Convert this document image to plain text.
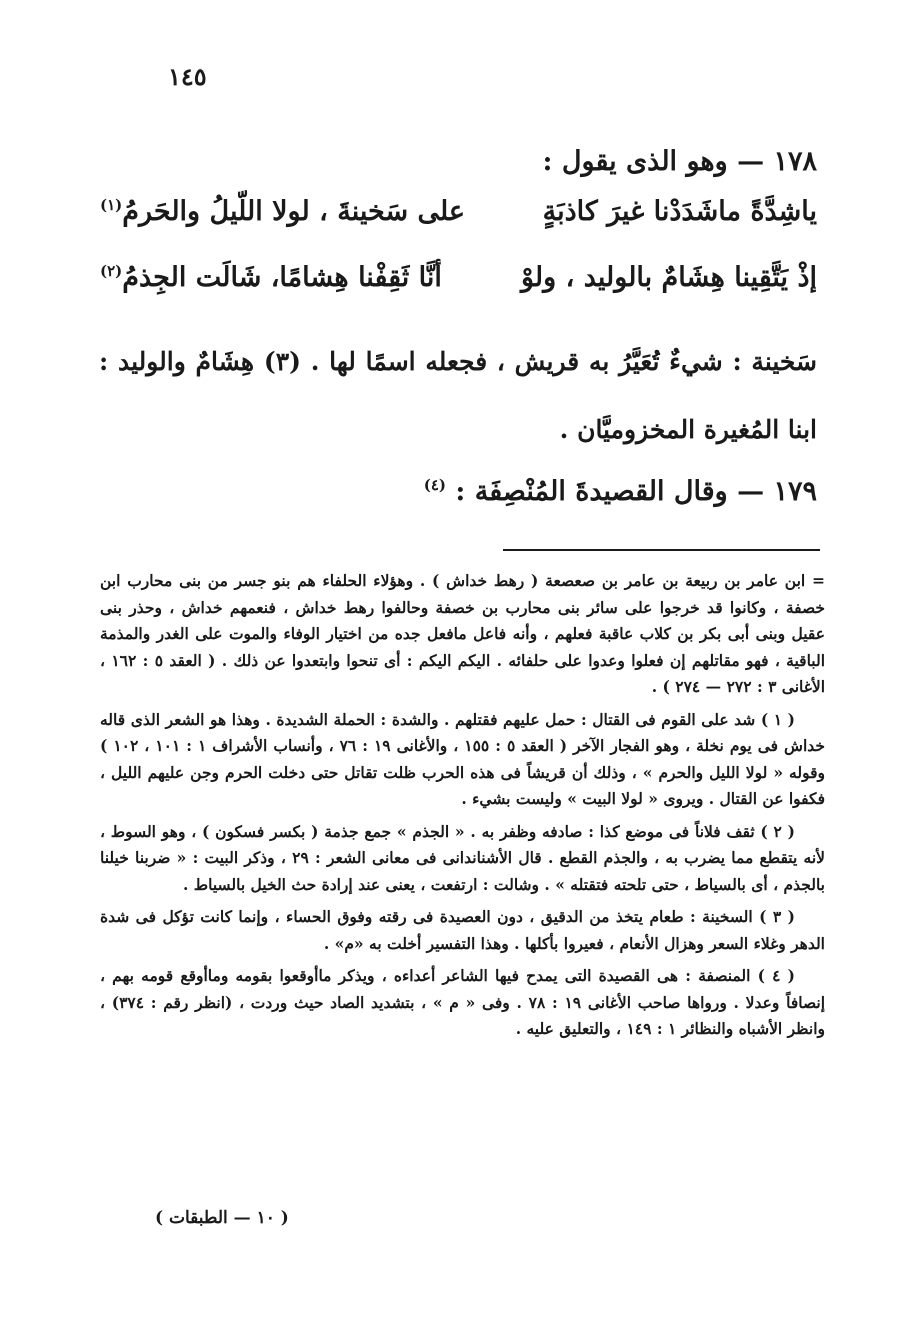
١٤٥
١٧٨ — وهو الذى يقول :
ياشِدَّةً ماشَدَدْنا غيرَ كاذبَةٍ
على سَخينةَ ، لولا اللّيلُ والحَرمُ$^{(١)}$
إذْ يَتَّقِينا هِشَامٌ بالوليد ، ولوْ
أنَّا ثَقِفْنا هِشامًا، شَالَت الجِذمُ$^{(٢)}$
سَخينة : شيءٌ تُعَيَّرُ به قريش ، فجعله اسمًا لها . (٣) هِشَامٌ والوليد : ابنا المُغيرة المخزوميَّان .
١٧٩ — وقال القصيدةَ المُنْصِفَة : $^{(٤)}$

= ابن عامر بن ربيعة بن عامر بن صعصعة ( رهط خداش ) . وهؤلاء الحلفاء هم بنو جسر من بنى محارب ابن خصفة ، وكانوا قد خرجوا على سائر بنى محارب بن خصفة وحالفوا رهط خداش ، فنعمهم خداش ، وحذر بنى عقيل وبنى أبى بكر بن كلاب عاقبة فعلهم ، وأنه فاعل مافعل جده من اختيار الوفاء والموت على الغدر والمذمة الباقية ، فهو مقاتلهم إن فعلوا وعدوا على حلفائه . اليكم اليكم : أى تنحوا وابتعدوا عن ذلك . ( العقد ٥ : ١٦٢ ، الأغانى ٣ : ٢٧٢ — ٢٧٤ ) .

( ١ ) شد على القوم فى القتال : حمل عليهم فقتلهم . والشدة : الحملة الشديدة . وهذا هو الشعر الذى قاله خداش فى يوم نخلة ، وهو الفجار الآخر ( العقد ٥ : ١٥٥ ، والأغانى ١٩ : ٧٦ ، وأنساب الأشراف ١ : ١٠١ ، ١٠٢ ) وقوله « لولا الليل والحرم » ، وذلك أن قريشاً فى هذه الحرب ظلت تقاتل حتى دخلت الحرم وجن عليهم الليل ، فكفوا عن القتال . ويروى « لولا البيت » وليست بشيء .

( ٢ ) ثقف فلاناً فى موضع كذا : صادفه وظفر به . « الجذم » جمع جذمة ( بكسر فسكون ) ، وهو السوط ، لأنه يتقطع مما يضرب به ، والجذم القطع . قال الأشناندانى فى معانى الشعر : ٢٩ ، وذكر البيت : « ضربنا خيلنا بالجذم ، أى بالسياط ، حتى تلحته فتقتله » . وشالت : ارتفعت ، يعنى عند إرادة حث الخيل بالسياط .

( ٣ ) السخينة : طعام يتخذ من الدقيق ، دون العصيدة فى رقته وفوق الحساء ، وإنما كانت تؤكل فى شدة الدهر وغلاء السعر وهزال الأنعام ، فعيروا بأكلها . وهذا التفسير أخلت به «م» .

( ٤ ) المنصفة : هى القصيدة التى يمدح فيها الشاعر أعداءه ، ويذكر ماأوقعوا بقومه وماأوقع قومه بهم ، إنصافاً وعدلا . ورواها صاحب الأغانى ١٩ : ٧٨ . وفى « م » ، بتشديد الصاد حيث وردت ، (انظر رقم : ٣٧٤) ، وانظر الأشباه والنظائر ١ : ١٤٩ ، والتعليق عليه .

( ١٠ — الطبقات )
